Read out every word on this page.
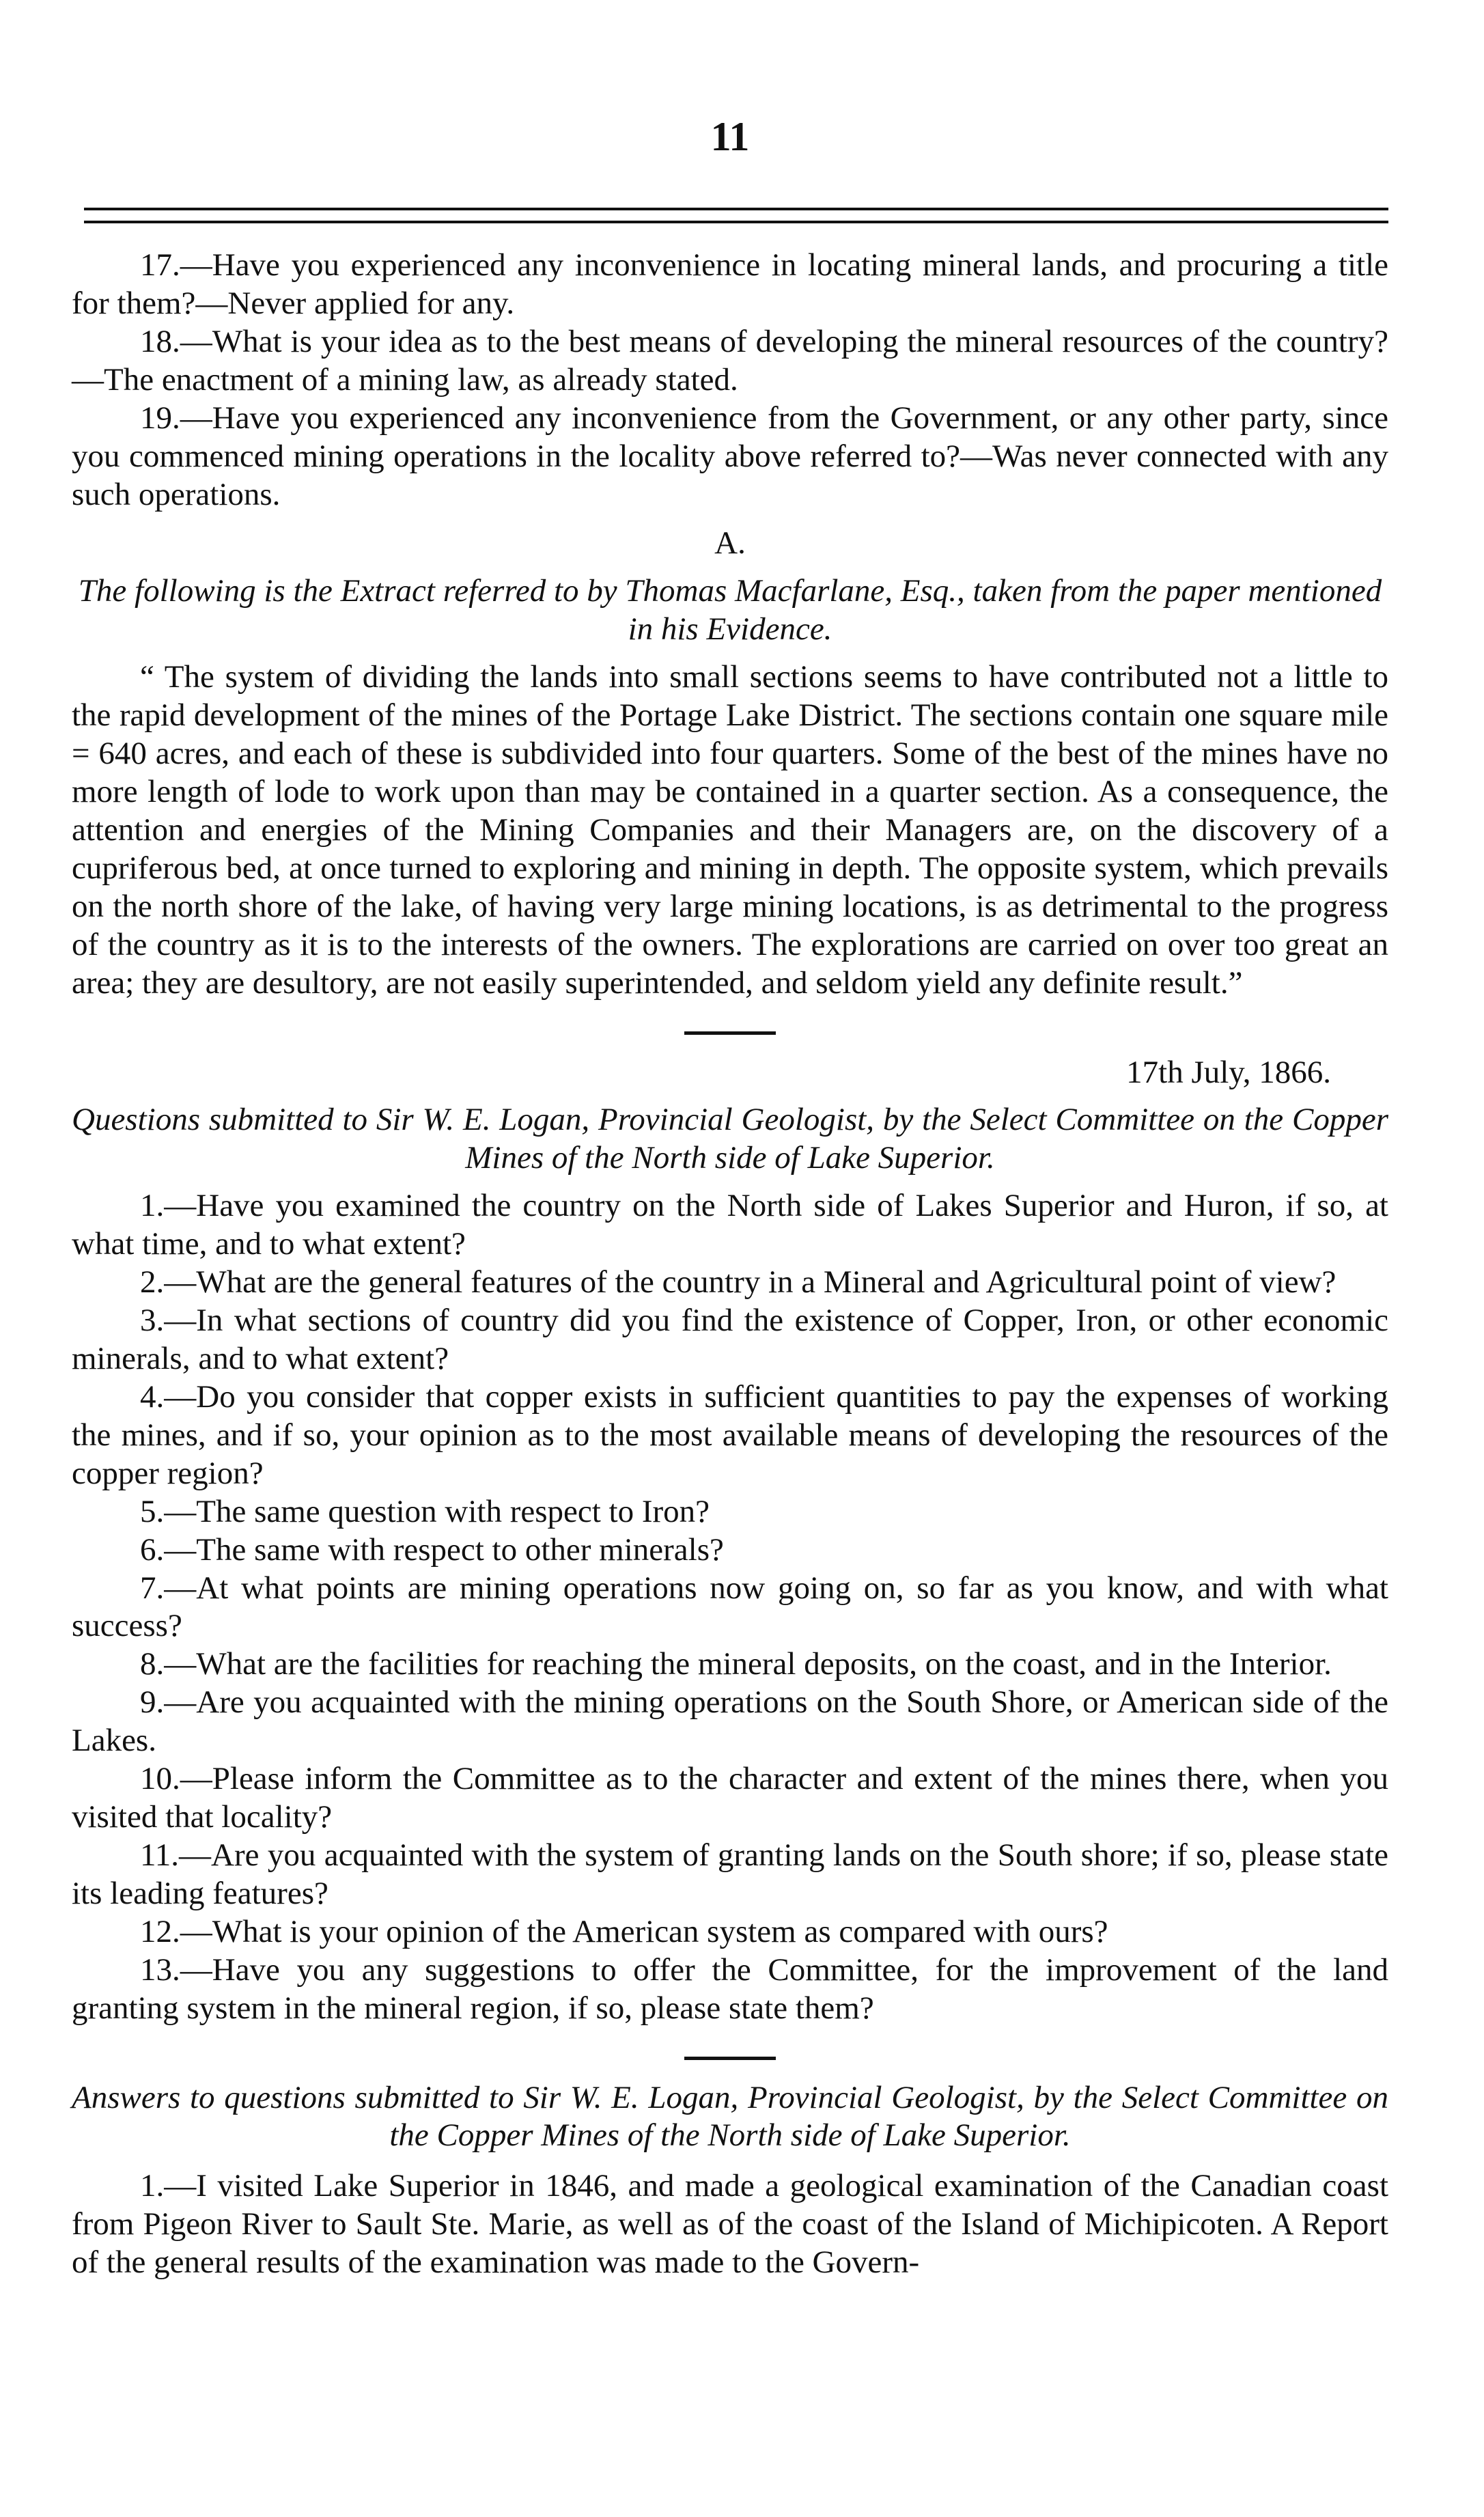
11

17.—Have you experienced any inconvenience in locating mineral lands, and procuring a title for them?—Never applied for any.

18.—What is your idea as to the best means of developing the mineral resources of the country?—The enactment of a mining law, as already stated.

19.—Have you experienced any inconvenience from the Government, or any other party, since you commenced mining operations in the locality above referred to?—Was never connected with any such operations.

A.

The following is the Extract referred to by Thomas Macfarlane, Esq., taken from the paper mentioned in his Evidence.

“ The system of dividing the lands into small sections seems to have contributed not a little to the rapid development of the mines of the Portage Lake District. The sections contain one square mile = 640 acres, and each of these is subdivided into four quarters. Some of the best of the mines have no more length of lode to work upon than may be contained in a quarter section. As a consequence, the attention and energies of the Mining Companies and their Managers are, on the discovery of a cupriferous bed, at once turned to exploring and mining in depth. The opposite system, which prevails on the north shore of the lake, of having very large mining locations, is as detrimental to the progress of the country as it is to the interests of the owners. The explorations are carried on over too great an area; they are desultory, are not easily superintended, and seldom yield any definite result.”

17th July, 1866.

Questions submitted to Sir W. E. Logan, Provincial Geologist, by the Select Committee on the Copper Mines of the North side of Lake Superior.

1.—Have you examined the country on the North side of Lakes Superior and Huron, if so, at what time, and to what extent?

2.—What are the general features of the country in a Mineral and Agricultural point of view?

3.—In what sections of country did you find the existence of Copper, Iron, or other economic minerals, and to what extent?

4.—Do you consider that copper exists in sufficient quantities to pay the expenses of working the mines, and if so, your opinion as to the most available means of developing the resources of the copper region?

5.—The same question with respect to Iron?

6.—The same with respect to other minerals?

7.—At what points are mining operations now going on, so far as you know, and with what success?

8.—What are the facilities for reaching the mineral deposits, on the coast, and in the Interior.

9.—Are you acquainted with the mining operations on the South Shore, or American side of the Lakes.

10.—Please inform the Committee as to the character and extent of the mines there, when you visited that locality?

11.—Are you acquainted with the system of granting lands on the South shore; if so, please state its leading features?

12.—What is your opinion of the American system as compared with ours?

13.—Have you any suggestions to offer the Committee, for the improvement of the land granting system in the mineral region, if so, please state them?

Answers to questions submitted to Sir W. E. Logan, Provincial Geologist, by the Select Committee on the Copper Mines of the North side of Lake Superior.

1.—I visited Lake Superior in 1846, and made a geological examination of the Canadian coast from Pigeon River to Sault Ste. Marie, as well as of the coast of the Island of Michipicoten. A Report of the general results of the examination was made to the Govern-
